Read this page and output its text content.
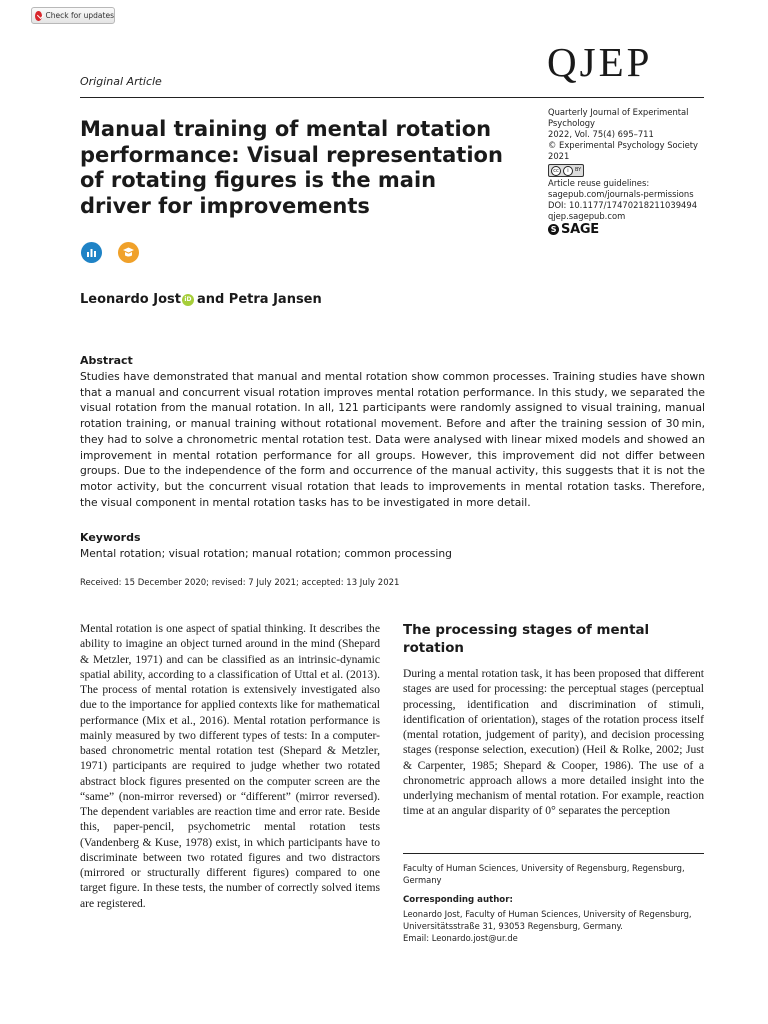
Check for updates
Original Article	QJEP
Quarterly Journal of Experimental
Psychology
2022, Vol. 75(4) 695–711
© Experimental Psychology Society 2021
cc	i	BY
Article reuse guidelines:
sagepub.com/journals-permissions
DOI: 10.1177/17470218211039494
qjep.sagepub.com
S SAGE
Manual training of mental rotation performance: Visual representation of rotating figures is the main driver for improvements
Leonardo Jost iD and Petra Jansen
Abstract

Studies have demonstrated that manual and mental rotation show common processes. Training studies have shown that a manual and concurrent visual rotation improves mental rotation performance. In this study, we separated the visual rotation from the manual rotation. In all, 121 participants were randomly assigned to visual training, manual rotation training, or manual training without rotational movement. Before and after the training session of 30 min, they had to solve a chronometric mental rotation test. Data were analysed with linear mixed models and showed an improvement in mental rotation performance for all groups. However, this improvement did not differ between groups. Due to the independence of the form and occurrence of the manual activity, this suggests that it is not the motor activity, but the concurrent visual rotation that leads to improvements in mental rotation tasks. Therefore, the visual component in mental rotation tasks has to be investigated in more detail.

Keywords
Mental rotation; visual rotation; manual rotation; common processing
Received: 15 December 2020; revised: 7 July 2021; accepted: 13 July 2021

Mental rotation is one aspect of spatial thinking. It describes the ability to imagine an object turned around in the mind (Shepard & Metzler, 1971) and can be classified as an intrinsic-dynamic spatial ability, according to a classification of Uttal et al. (2013). The process of mental rotation is extensively investigated also due to the importance for applied contexts like for mathematical performance (Mix et al., 2016). Mental rotation performance is mainly measured by two different types of tests: In a computer-based chronometric mental rotation test (Shepard & Metzler, 1971) participants are required to judge whether two rotated abstract block figures presented on the computer screen are the “same” (non-mirror reversed) or “different” (mirror reversed). The dependent variables are reaction time and error rate. Beside this, paper-pencil, psychometric mental rotation tests (Vandenberg & Kuse, 1978) exist, in which participants have to discriminate between two rotated figures and two distractors (mirrored or structurally different figures) compared to one target figure. In these tests, the number of correctly solved items are registered.

The processing stages of mental rotation

During a mental rotation task, it has been proposed that different stages are used for processing: the perceptual stages (perceptual processing, identification and discrimination of stimuli, identification of orientation), stages of the rotation process itself (mental rotation, judgement of parity), and decision processing stages (response selection, execution) (Heil & Rolke, 2002; Just & Carpenter, 1985; Shepard & Cooper, 1986). The use of a chronometric approach allows a more detailed insight into the underlying mechanism of mental rotation. For example, reaction time at an angular disparity of 0° separates the perception

Faculty of Human Sciences, University of Regensburg, Regensburg, Germany

Corresponding author:
Leonardo Jost, Faculty of Human Sciences, University of Regensburg,
Universitätsstraße 31, 93053 Regensburg, Germany.
Email: Leonardo.jost@ur.de
